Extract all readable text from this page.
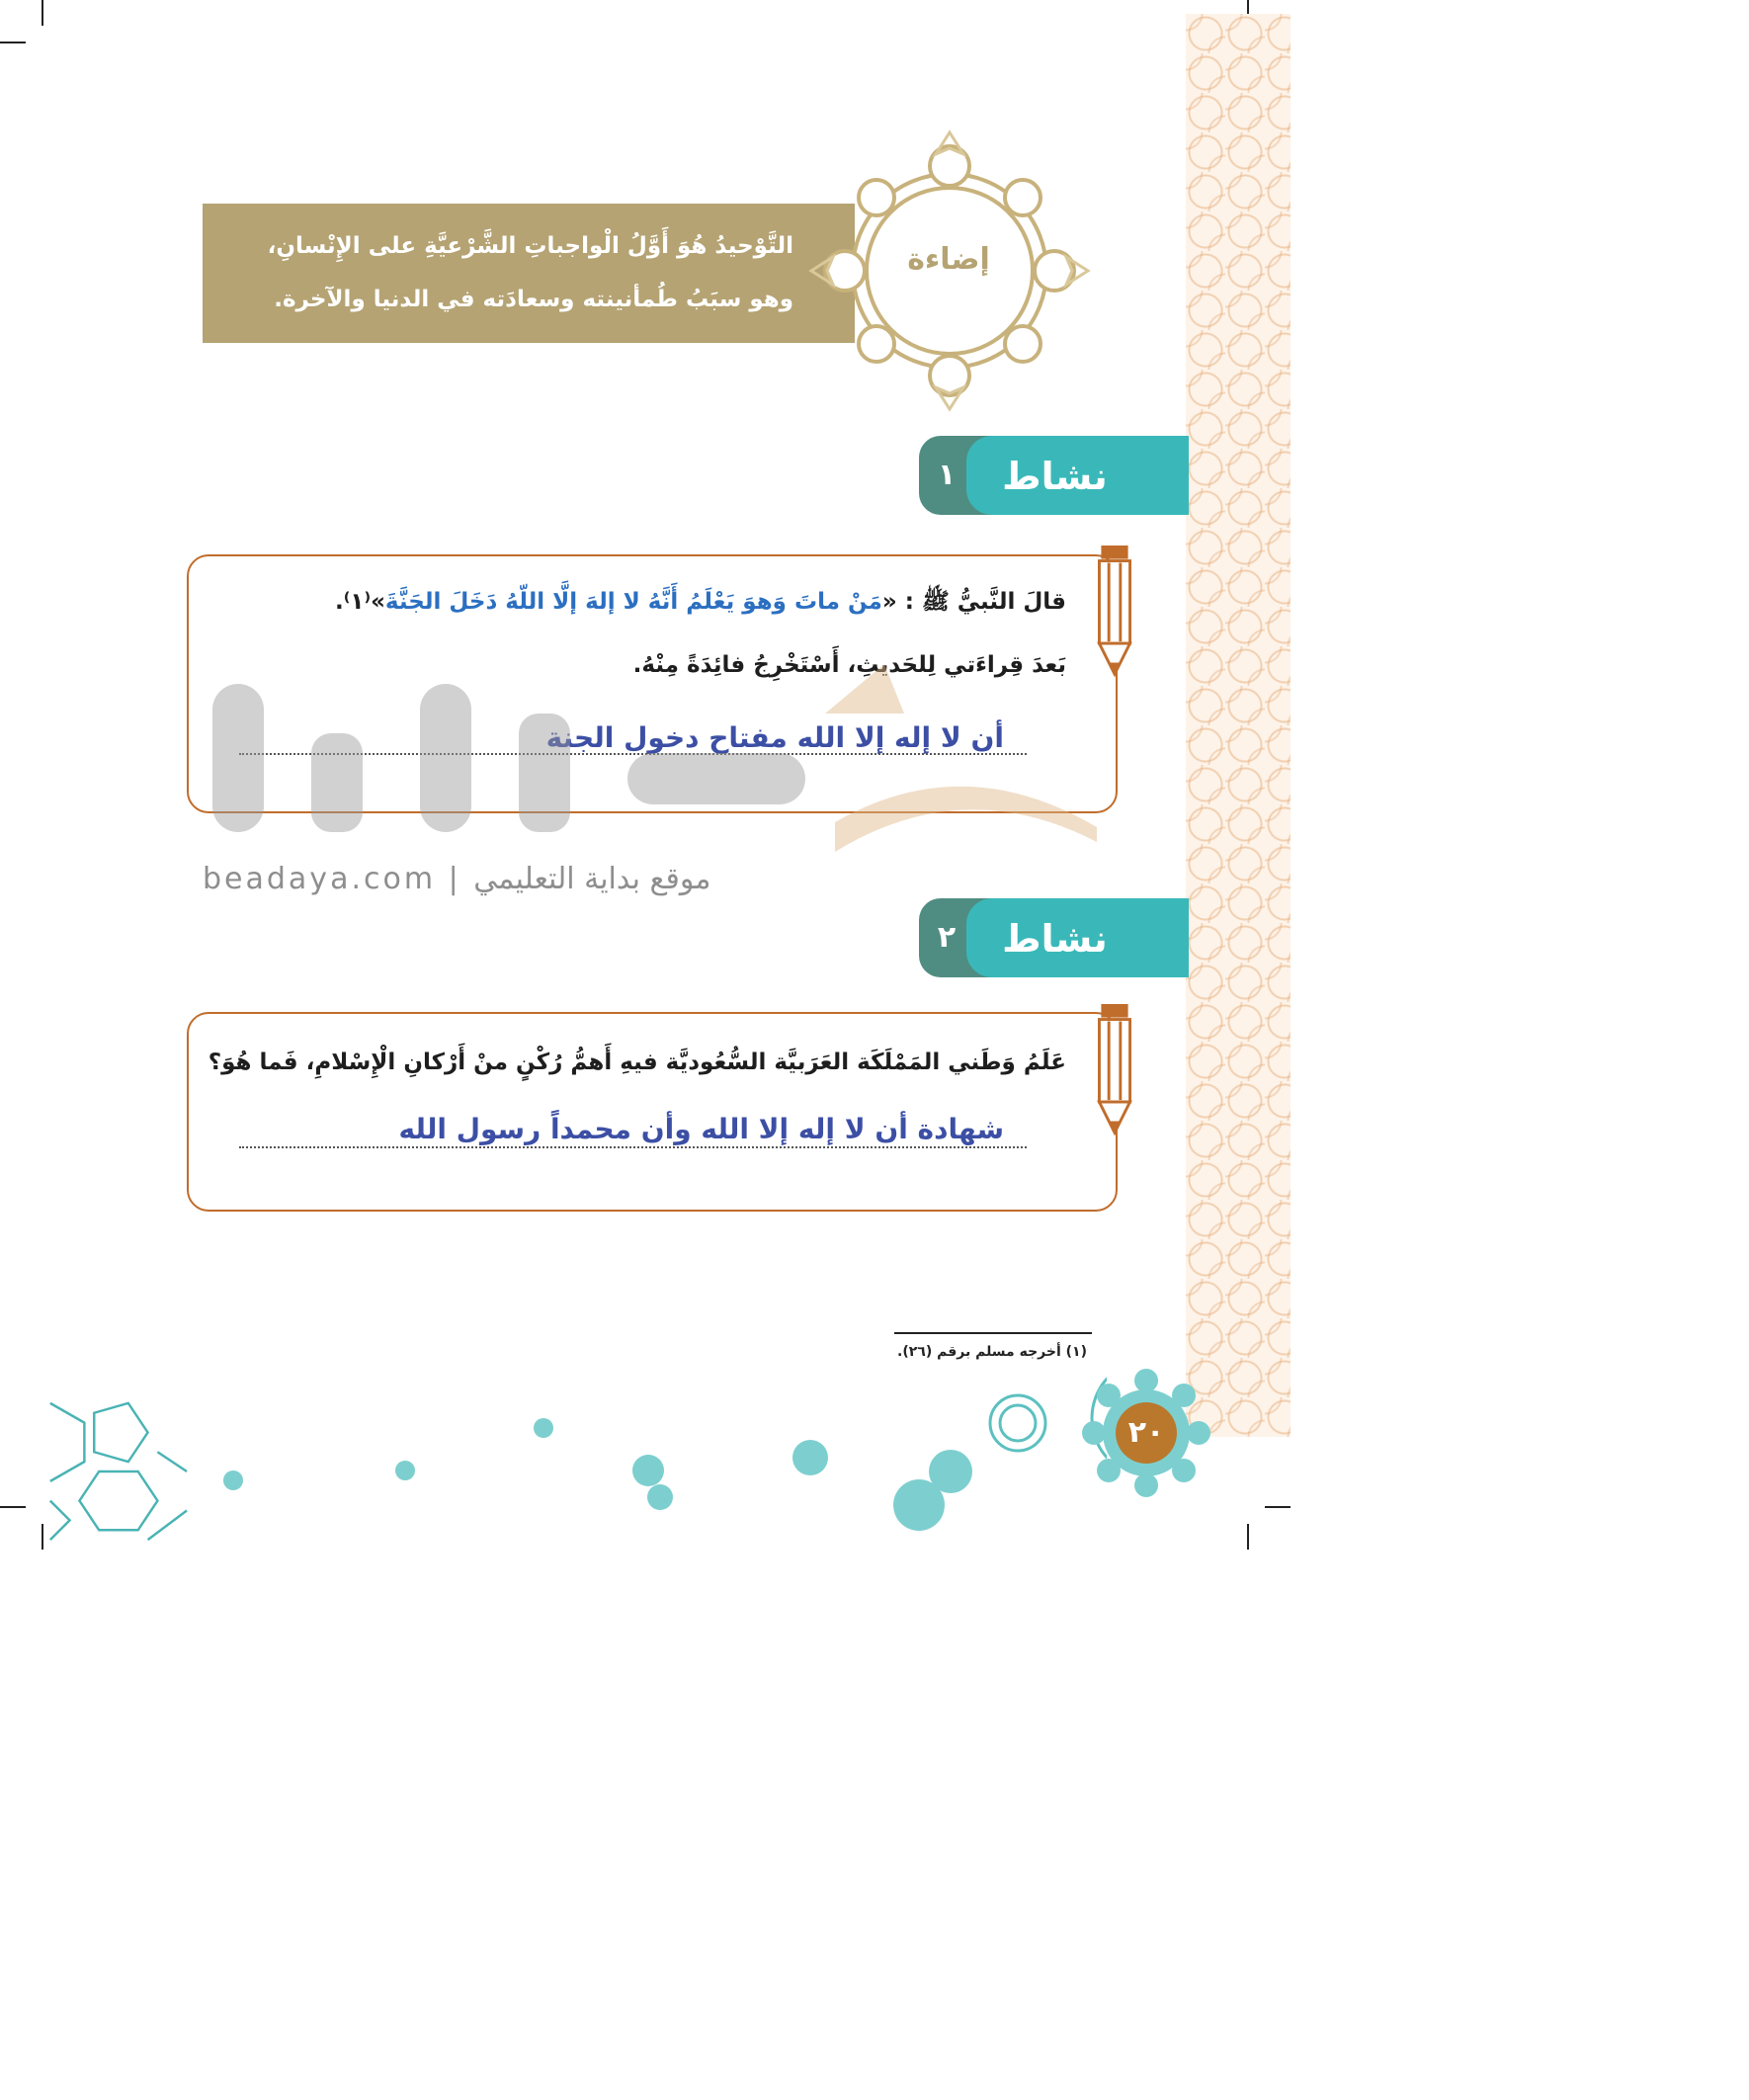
التَّوْحيدُ هُوَ أَوَّلُ الْواجباتِ الشَّرْعيَّةِ على الإِنْسانِ،
وهو سبَبُ طُمأنينته وسعادَته في الدنيا والآخرة.
إضاءة
١	نشاط
قالَ النَّبيُّ ﷺ : «مَنْ ماتَ وَهوَ يَعْلَمُ أَنَّهُ لا إلهَ إلَّا اللّهُ دَخَلَ الجَنَّةَ»⁽١⁾.
بَعدَ قِراءَتي لِلحَديثِ، أَسْتَخْرِجُ فائِدَةً مِنْهُ.
أن لا إله إلا الله مفتاح دخول الجنة
beadaya.com | موقع بداية التعليمي
٢	نشاط
عَلَمُ وَطَني المَمْلَكَة العَرَبيَّة السُّعُوديَّة فيهِ أَهمُّ رُكْنٍ منْ أَرْكانِ الْإِسْلامِ، فَما هُوَ؟
شهادة أن لا إله إلا الله وأن محمداً رسول الله
(١) أخرجه مسلم برقم (٢٦).
٢٠
